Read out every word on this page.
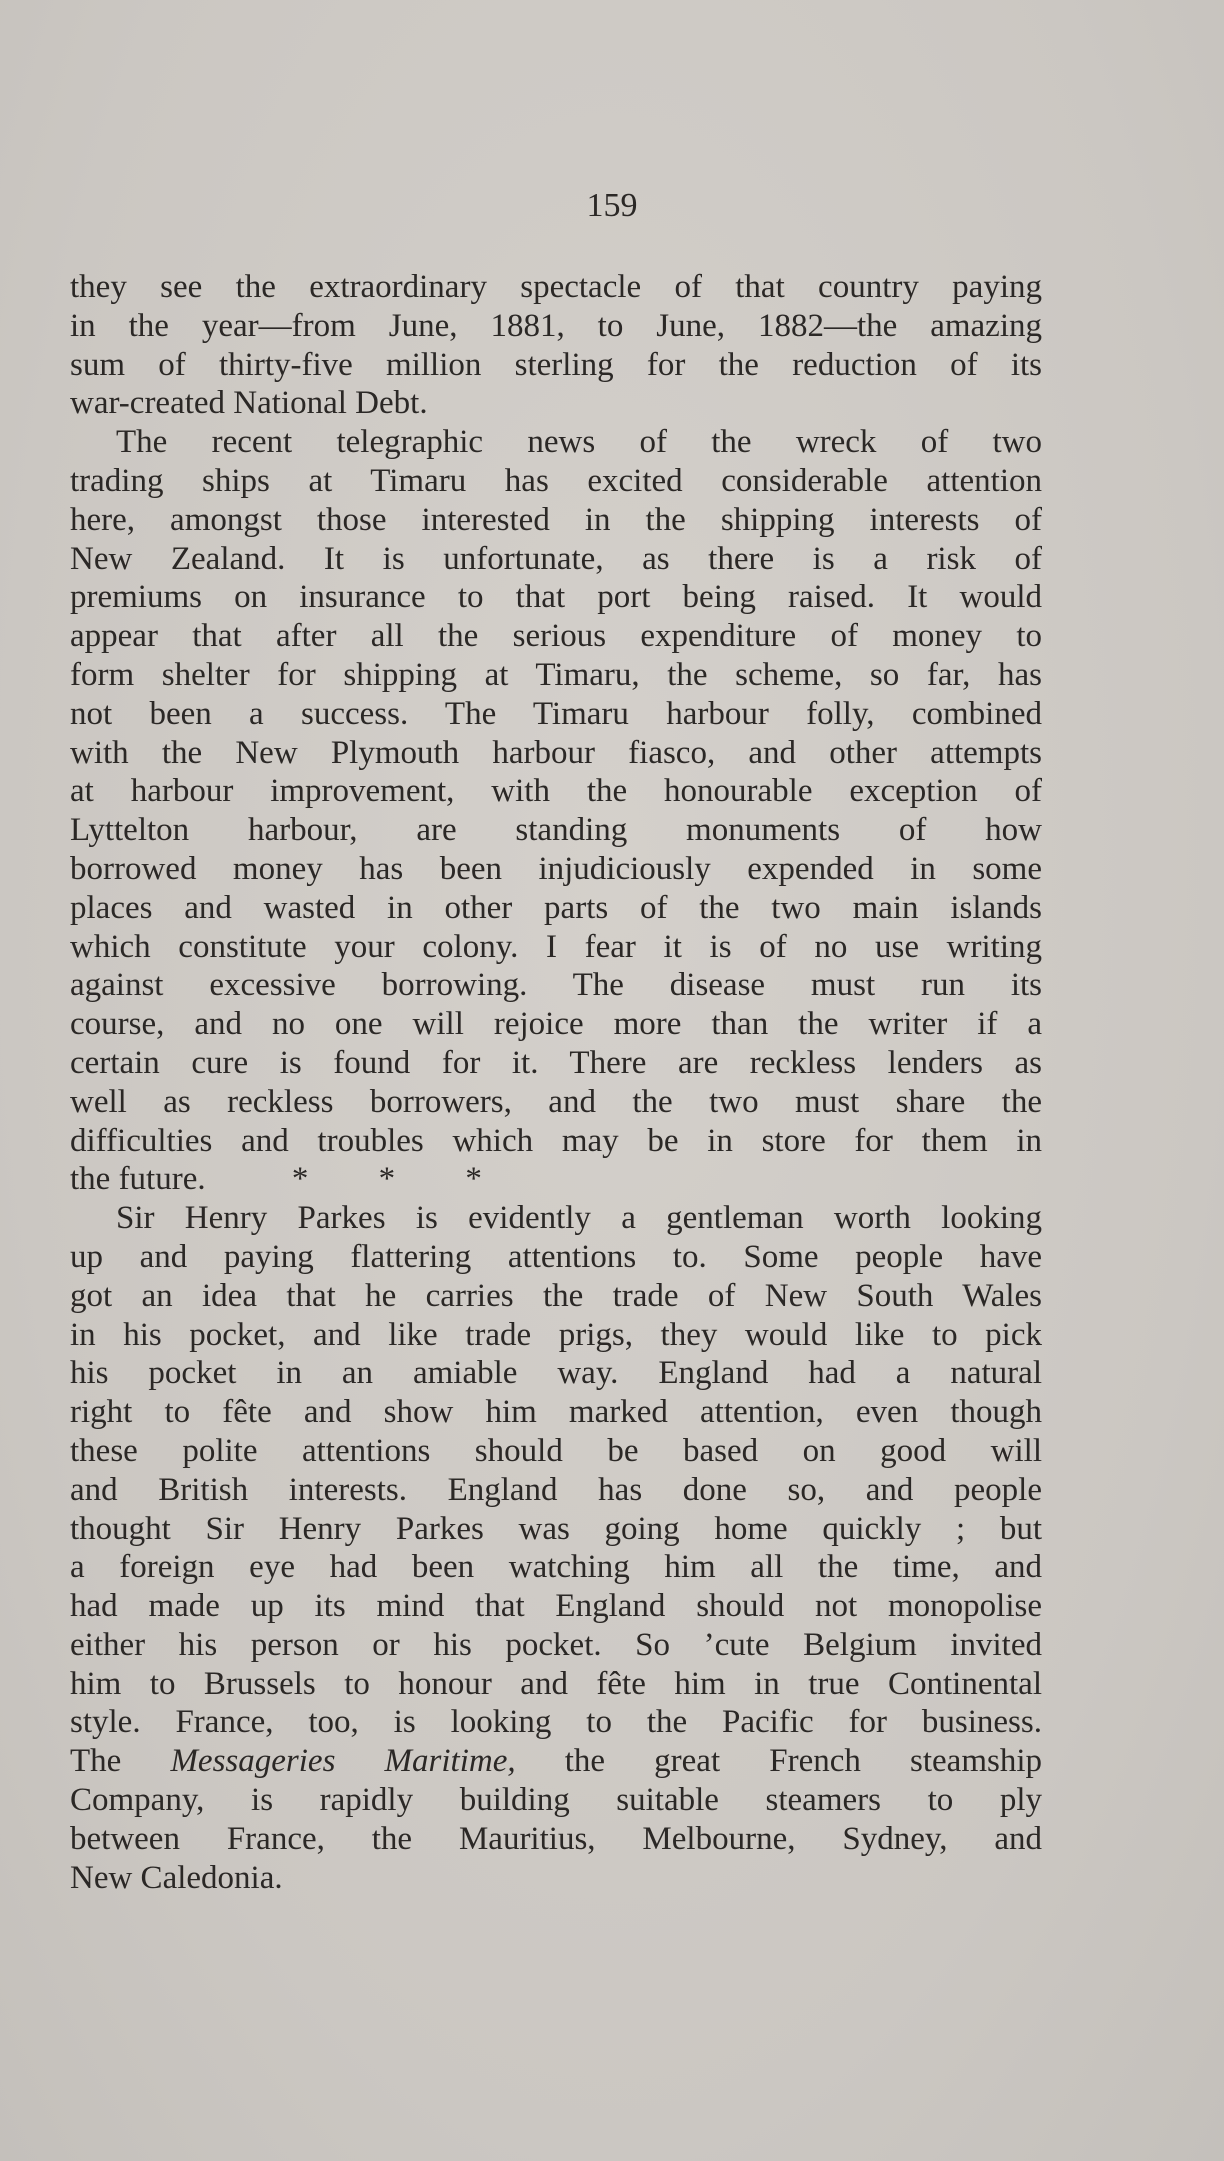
159
they see the extraordinary spectacle of that country paying
in the year—from June, 1881, to June, 1882—the amazing
sum of thirty-five million sterling for the reduction of its
war-created National Debt.
The recent telegraphic news of the wreck of two
trading ships at Timaru has excited considerable attention
here, amongst those interested in the shipping interests of
New Zealand. It is unfortunate, as there is a risk of
premiums on insurance to that port being raised. It would
appear that after all the serious expenditure of money to
form shelter for shipping at Timaru, the scheme, so far, has
not been a success. The Timaru harbour folly, combined
with the New Plymouth harbour fiasco, and other attempts
at harbour improvement, with the honourable exception of
Lyttelton harbour, are standing monuments of how
borrowed money has been injudiciously expended in some
places and wasted in other parts of the two main islands
which constitute your colony. I fear it is of no use writing
against excessive borrowing. The disease must run its
course, and no one will rejoice more than the writer if a
certain cure is found for it. There are reckless lenders as
well as reckless borrowers, and the two must share the
difficulties and troubles which may be in store for them in
the future.	* * *
Sir Henry Parkes is evidently a gentleman worth looking
up and paying flattering attentions to. Some people have
got an idea that he carries the trade of New South Wales
in his pocket, and like trade prigs, they would like to pick
his pocket in an amiable way. England had a natural
right to fête and show him marked attention, even though
these polite attentions should be based on good will
and British interests. England has done so, and people
thought Sir Henry Parkes was going home quickly ; but
a foreign eye had been watching him all the time, and
had made up its mind that England should not monopolise
either his person or his pocket. So ’cute Belgium invited
him to Brussels to honour and fête him in true Continental
style. France, too, is looking to the Pacific for business.
The Messageries Maritime, the great French steamship
Company, is rapidly building suitable steamers to ply
between France, the Mauritius, Melbourne, Sydney, and
New Caledonia.
